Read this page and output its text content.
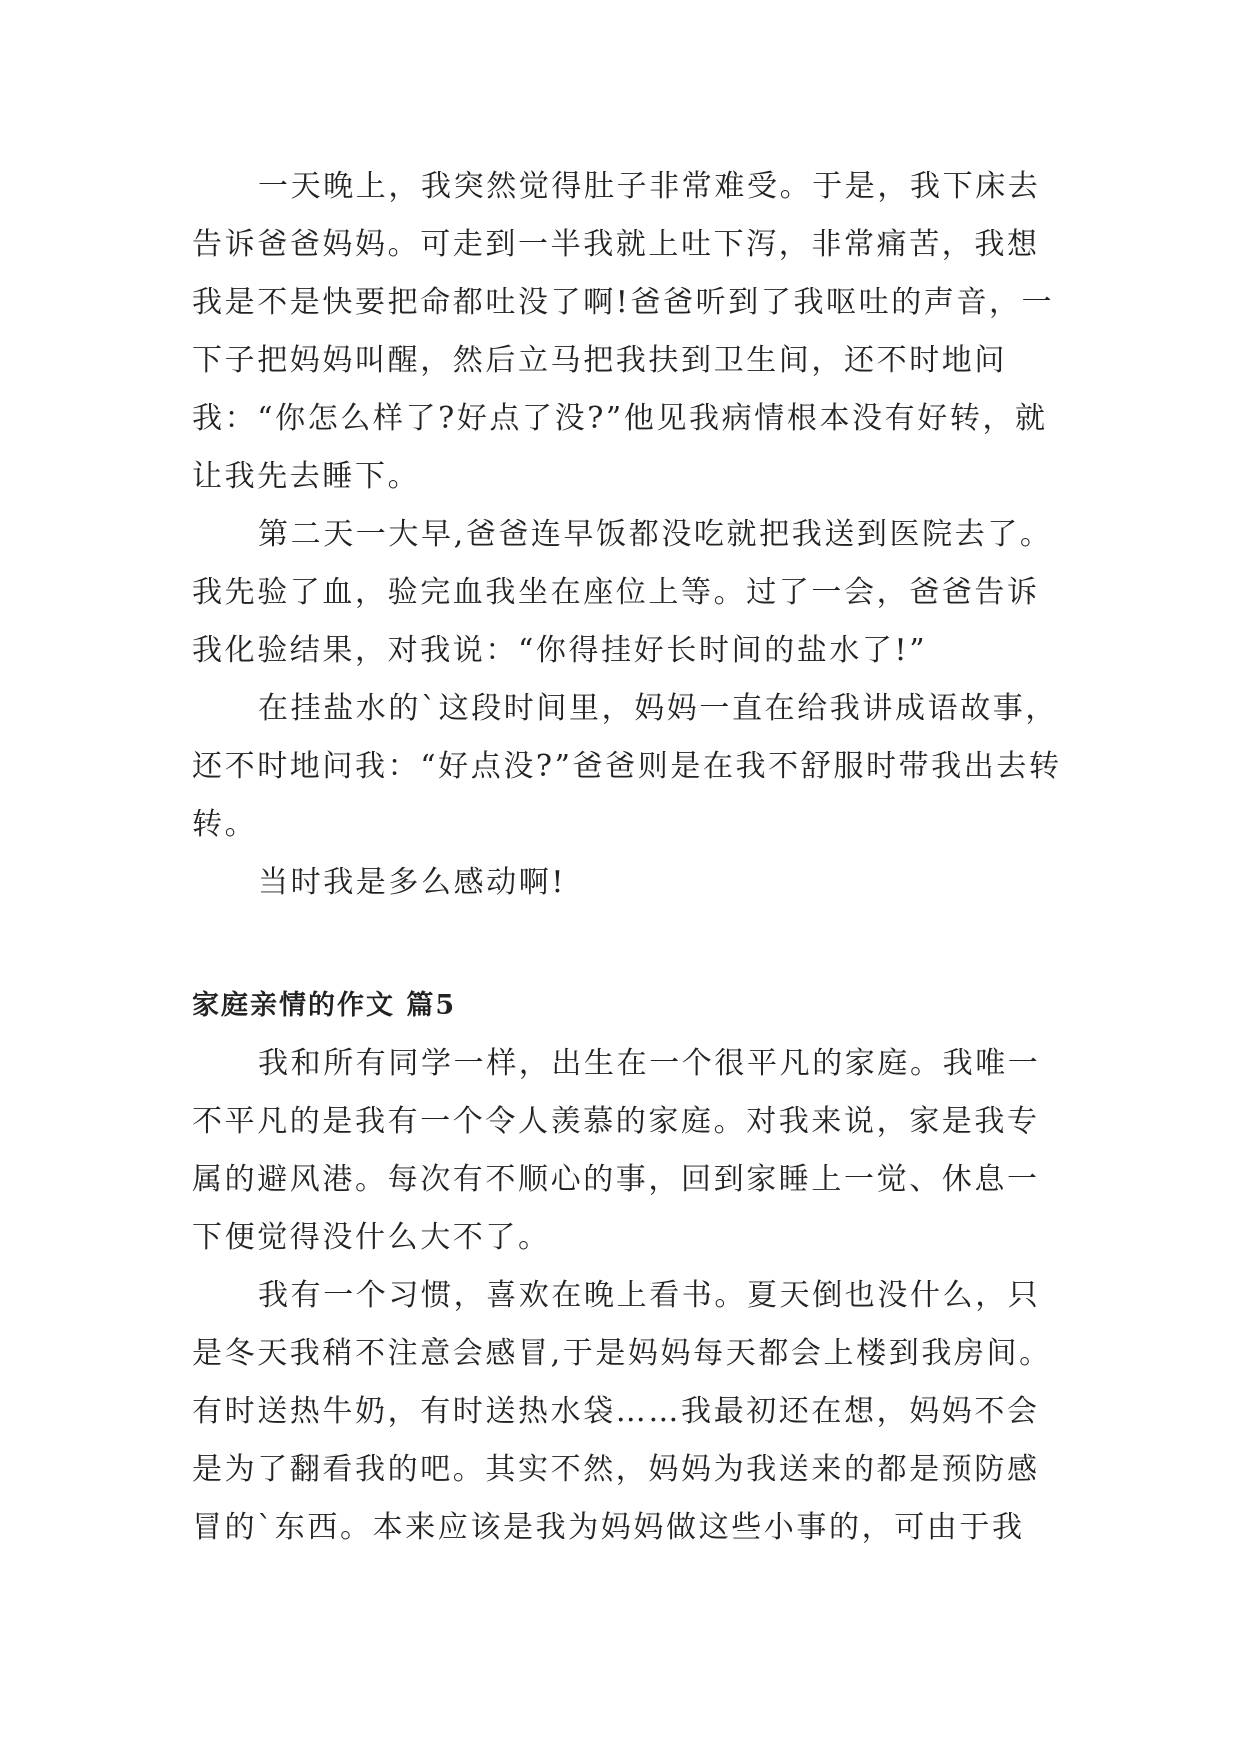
一天晚上，我突然觉得肚子非常难受。于是，我下床去告诉爸爸妈妈。可走到一半我就上吐下泻，非常痛苦，我想我是不是快要把命都吐没了啊!爸爸听到了我呕吐的声音，一下子把妈妈叫醒，然后立马把我扶到卫生间，还不时地问我：“你怎么样了?好点了没?”他见我病情根本没有好转，就让我先去睡下。

第二天一大早,爸爸连早饭都没吃就把我送到医院去了。我先验了血，验完血我坐在座位上等。过了一会，爸爸告诉我化验结果，对我说：“你得挂好长时间的盐水了!”

在挂盐水的`这段时间里，妈妈一直在给我讲成语故事，还不时地问我：“好点没?”爸爸则是在我不舒服时带我出去转转。

当时我是多么感动啊!

家庭亲情的作文 篇5

我和所有同学一样，出生在一个很平凡的家庭。我唯一不平凡的是我有一个令人羡慕的家庭。对我来说，家是我专属的避风港。每次有不顺心的事，回到家睡上一觉、休息一下便觉得没什么大不了。

我有一个习惯，喜欢在晚上看书。夏天倒也没什么，只是冬天我稍不注意会感冒,于是妈妈每天都会上楼到我房间。有时送热牛奶，有时送热水袋……我最初还在想，妈妈不会是为了翻看我的吧。其实不然，妈妈为我送来的都是预防感冒的`东西。本来应该是我为妈妈做这些小事的，可由于我
